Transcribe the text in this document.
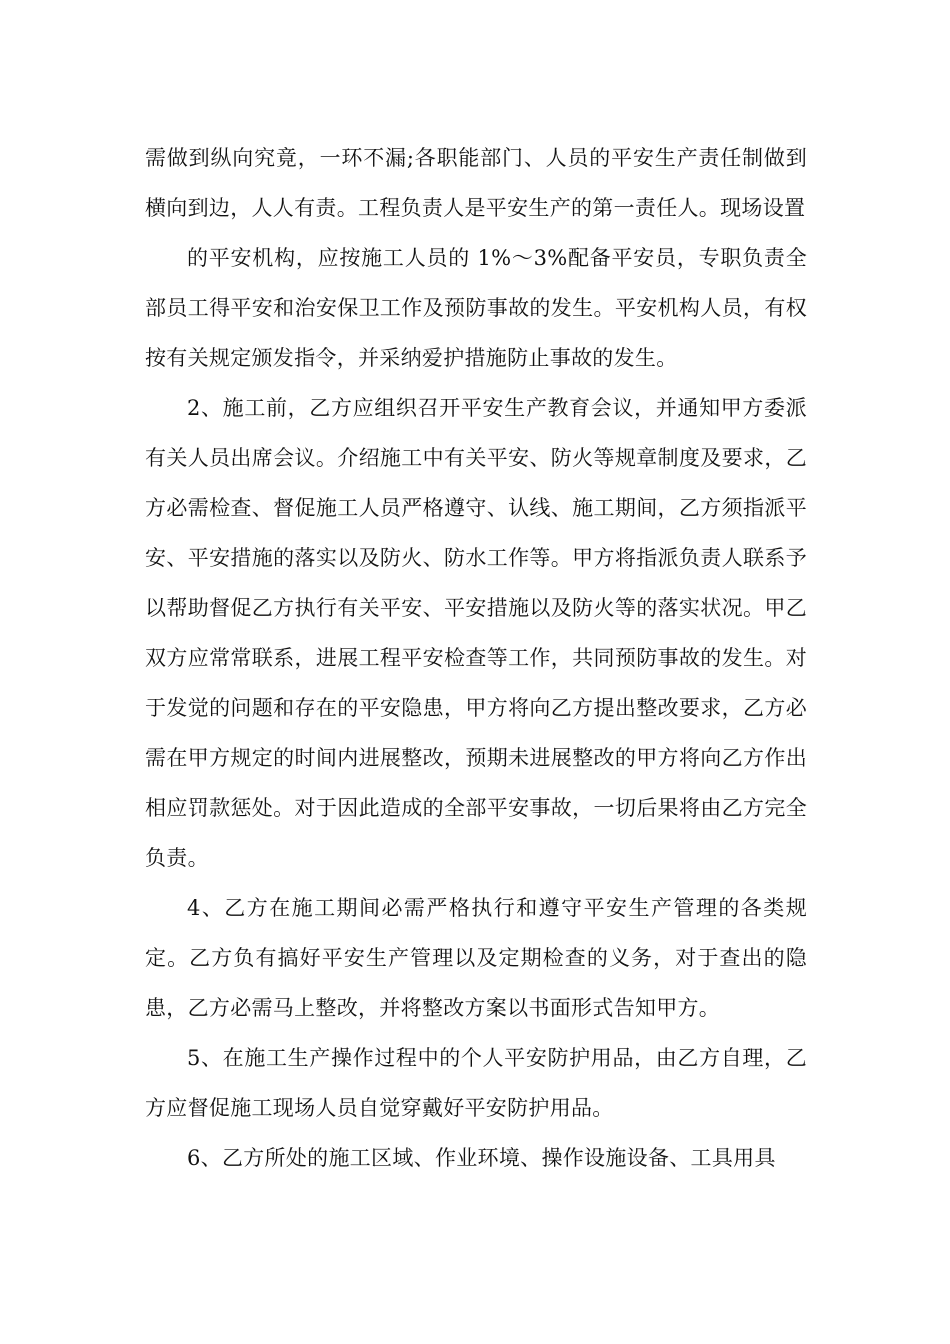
需做到纵向究竟，一环不漏;各职能部门、人员的平安生产责任制做到横向到边，人人有责。工程负责人是平安生产的第一责任人。现场设置

的平安机构，应按施工人员的 1%～3%配备平安员，专职负责全部员工得平安和治安保卫工作及预防事故的发生。平安机构人员，有权按有关规定颁发指令，并采纳爱护措施防止事故的发生。

2、施工前，乙方应组织召开平安生产教育会议，并通知甲方委派有关人员出席会议。介绍施工中有关平安、防火等规章制度及要求，乙方必需检查、督促施工人员严格遵守、认线、施工期间，乙方须指派平安、平安措施的落实以及防火、防水工作等。甲方将指派负责人联系予以帮助督促乙方执行有关平安、平安措施以及防火等的落实状况。甲乙双方应常常联系，进展工程平安检查等工作，共同预防事故的发生。对于发觉的问题和存在的平安隐患，甲方将向乙方提出整改要求，乙方必需在甲方规定的时间内进展整改，预期未进展整改的甲方将向乙方作出相应罚款惩处。对于因此造成的全部平安事故，一切后果将由乙方完全负责。

4、乙方在施工期间必需严格执行和遵守平安生产管理的各类规定。乙方负有搞好平安生产管理以及定期检查的义务，对于查出的隐患，乙方必需马上整改，并将整改方案以书面形式告知甲方。

5、在施工生产操作过程中的个人平安防护用品，由乙方自理，乙方应督促施工现场人员自觉穿戴好平安防护用品。

6、乙方所处的施工区域、作业环境、操作设施设备、工具用具
